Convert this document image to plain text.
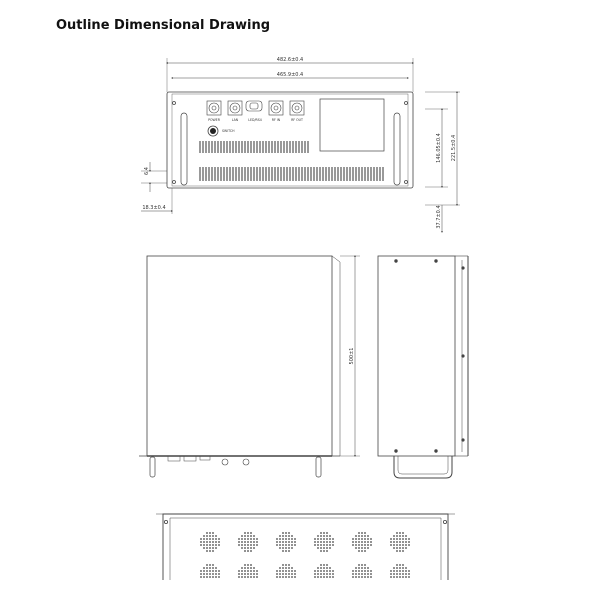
Outline Dimensional Drawing
482.6±0.4
465.9±0.4
POWER	LAN	LED/RS4	RF IN	RF OUT
SWITCH
146.05±0.4 221.5±0.4
37.7±0.4
6.4
18.3±0.4
500±1
